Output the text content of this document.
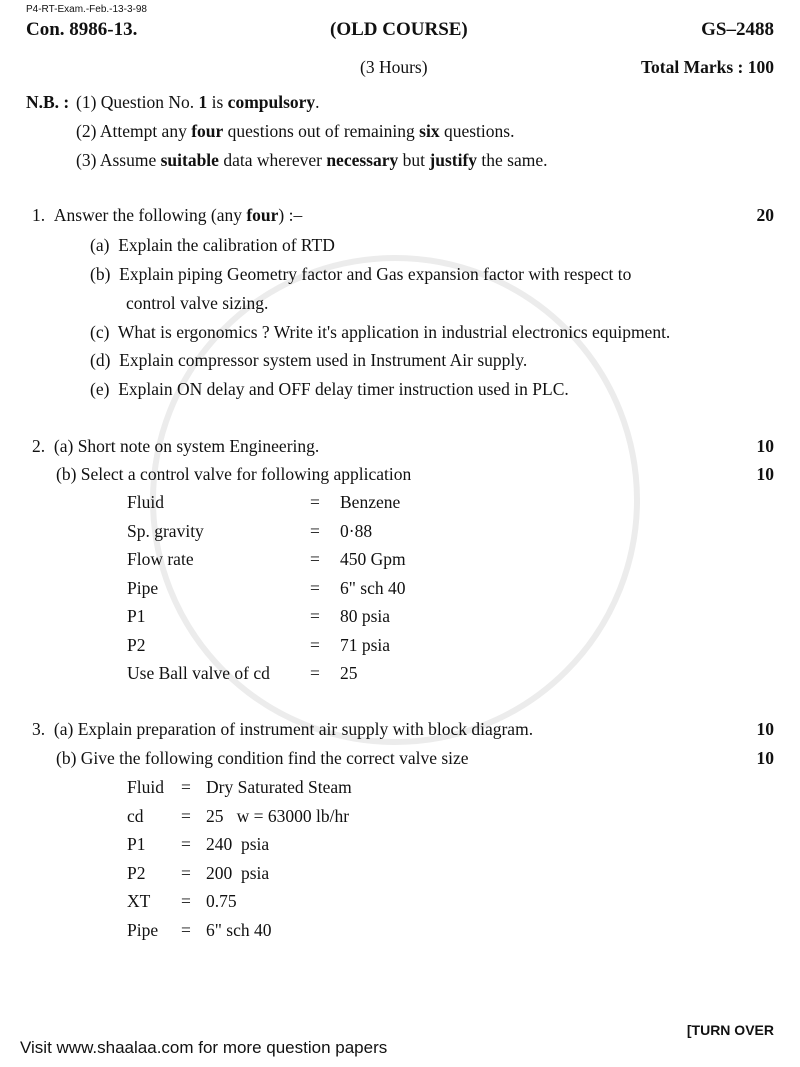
P4-RT-Exam.-Feb.-13-3-98
Con. 8986-13.	(OLD COURSE)	GS–2488
(3 Hours)	Total Marks : 100
N.B. : (1) Question No. 1 is compulsory.
(2) Attempt any four questions out of remaining six questions.
(3) Assume suitable data wherever necessary but justify the same.
1. Answer the following (any four) :–	20
(a) Explain the calibration of RTD
(b) Explain piping Geometry factor and Gas expansion factor with respect to
control valve sizing.
(c) What is ergonomics ? Write it's application in industrial electronics equipment.
(d) Explain compressor system used in Instrument Air supply.
(e) Explain ON delay and OFF delay timer instruction used in PLC.
2. (a) Short note on system Engineering.	10
(b) Select a control valve for following application	10
Fluid	= Benzene
Sp. gravity	= 0·88
Flow rate	= 450 Gpm
Pipe	= 6" sch 40
P1	= 80 psia
P2	= 71 psia
Use Ball valve of cd = 25
3. (a) Explain preparation of instrument air supply with block diagram.	10
(b) Give the following condition find the correct valve size	10
Fluid = Dry Saturated Steam
cd = 25   w = 63000 lb/hr
P1 = 240  psia
P2 = 200  psia
XT = 0.75
Pipe = 6" sch 40
Visit www.shaalaa.com for more question papers
[TURN OVER
